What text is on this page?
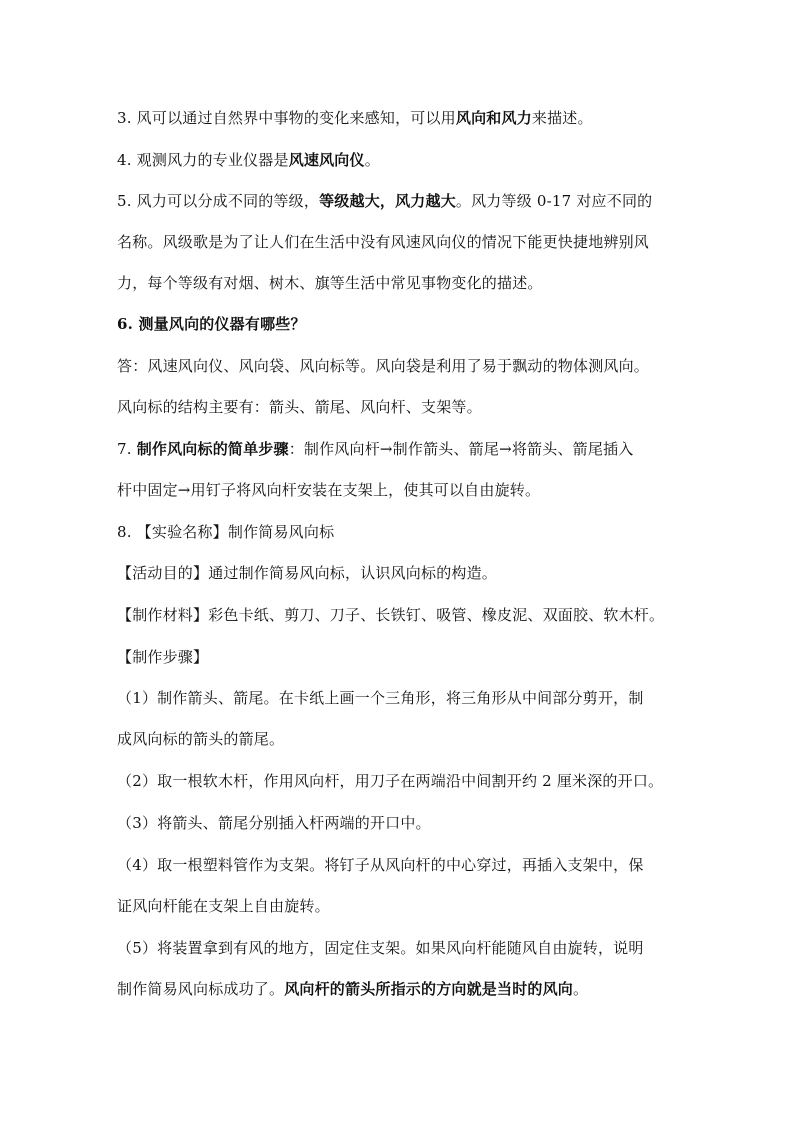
3. 风可以通过自然界中事物的变化来感知，可以用风向和风力来描述。
4. 观测风力的专业仪器是风速风向仪。
5. 风力可以分成不同的等级，等级越大，风力越大。风力等级 0-17 对应不同的
名称。风级歌是为了让人们在生活中没有风速风向仪的情况下能更快捷地辨别风
力，每个等级有对烟、树木、旗等生活中常见事物变化的描述。
6. 测量风向的仪器有哪些？
答：风速风向仪、风向袋、风向标等。风向袋是利用了易于飘动的物体测风向。
风向标的结构主要有：箭头、箭尾、风向杆、支架等。
7. 制作风向标的简单步骤：制作风向杆→制作箭头、箭尾→将箭头、箭尾插入
杆中固定→用钉子将风向杆安装在支架上，使其可以自由旋转。
8. 【实验名称】制作简易风向标
【活动目的】通过制作简易风向标，认识风向标的构造。
【制作材料】彩色卡纸、剪刀、刀子、长铁钉、吸管、橡皮泥、双面胶、软木杆。
【制作步骤】
（1）制作箭头、箭尾。在卡纸上画一个三角形，将三角形从中间部分剪开，制
成风向标的箭头的箭尾。
（2）取一根软木杆，作用风向杆，用刀子在两端沿中间割开约 2 厘米深的开口。
（3）将箭头、箭尾分别插入杆两端的开口中。
（4）取一根塑料管作为支架。将钉子从风向杆的中心穿过，再插入支架中，保
证风向杆能在支架上自由旋转。
（5）将装置拿到有风的地方，固定住支架。如果风向杆能随风自由旋转，说明
制作简易风向标成功了。风向杆的箭头所指示的方向就是当时的风向。
